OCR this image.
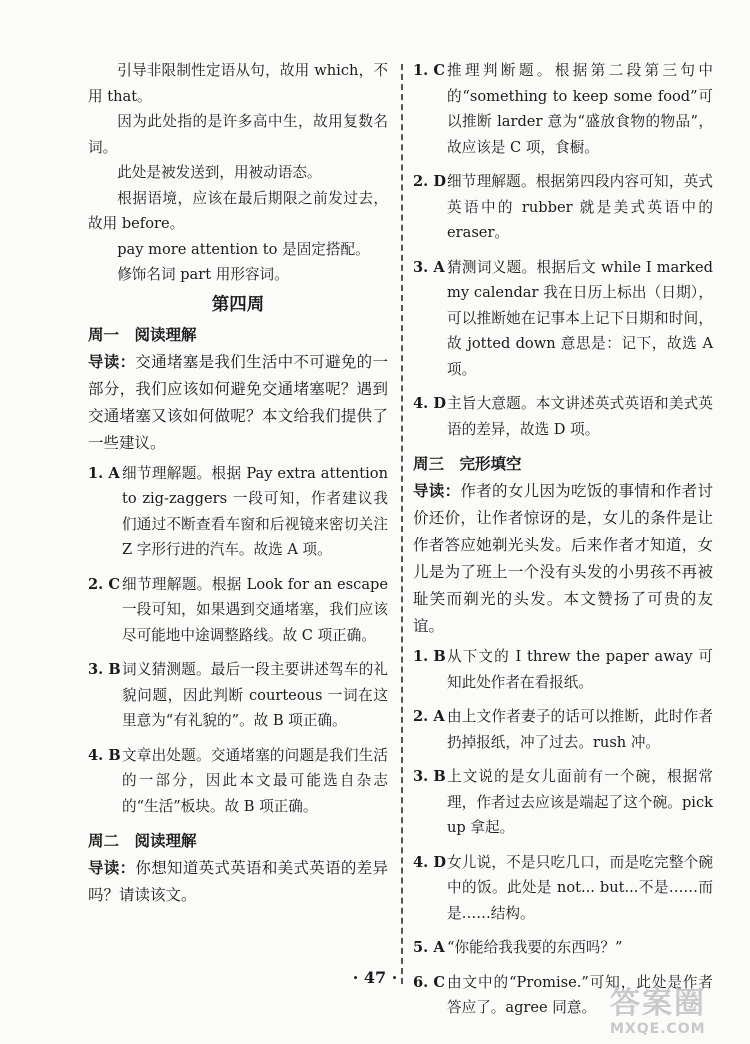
引导非限制性定语从句，故用 which，不用 that。

因为此处指的是许多高中生，故用复数名词。

此处是被发送到，用被动语态。

根据语境，应该在最后期限之前发过去，故用 before。

pay more attention to 是固定搭配。

修饰名词 part 用形容词。

第四周
周一　阅读理解

导读：交通堵塞是我们生活中不可避免的一部分，我们应该如何避免交通堵塞呢？遇到交通堵塞又该如何做呢？本文给我们提供了一些建议。

1. A 细节理解题。根据 Pay extra attention to zig-zaggers 一段可知，作者建议我们通过不断查看车窗和后视镜来密切关注 Z 字形行进的汽车。故选 A 项。
2. C 细节理解题。根据 Look for an escape 一段可知，如果遇到交通堵塞，我们应该尽可能地中途调整路线。故 C 项正确。
3. B 词义猜测题。最后一段主要讲述驾车的礼貌问题，因此判断 courteous 一词在这里意为“有礼貌的”。故 B 项正确。
4. B 文章出处题。交通堵塞的问题是我们生活的一部分，因此本文最可能选自杂志的“生活”板块。故 B 项正确。
周二　阅读理解

导读：你想知道英式英语和美式英语的差异吗？请读该文。

1. C 推理判断题。根据第二段第三句中的“something to keep some food”可以推断 larder 意为“盛放食物的物品”，故应该是 C 项，食橱。
2. D 细节理解题。根据第四段内容可知，英式英语中的 rubber 就是美式英语中的 eraser。
3. A 猜测词义题。根据后文 while I marked my calendar 我在日历上标出（日期），可以推断她在记事本上记下日期和时间，故 jotted down 意思是：记下，故选 A 项。
4. D 主旨大意题。本文讲述英式英语和美式英语的差异，故选 D 项。
周三　完形填空

导读：作者的女儿因为吃饭的事情和作者讨价还价，让作者惊讶的是，女儿的条件是让作者答应她剃光头发。后来作者才知道，女儿是为了班上一个没有头发的小男孩不再被耻笑而剃光的头发。本文赞扬了可贵的友谊。

1. B 从下文的 I threw the paper away 可知此处作者在看报纸。
2. A 由上文作者妻子的话可以推断，此时作者扔掉报纸，冲了过去。rush 冲。
3. B 上文说的是女儿面前有一个碗，根据常理，作者过去应该是端起了这个碗。pick up 拿起。
4. D 女儿说，不是只吃几口，而是吃完整个碗中的饭。此处是 not... but...不是……而是……结构。
5. A “你能给我我要的东西吗？”
6. C 由文中的“Promise.”可知，此处是作者答应了。agree 同意。
· 47 ·
答案圈
MXQE.COM
